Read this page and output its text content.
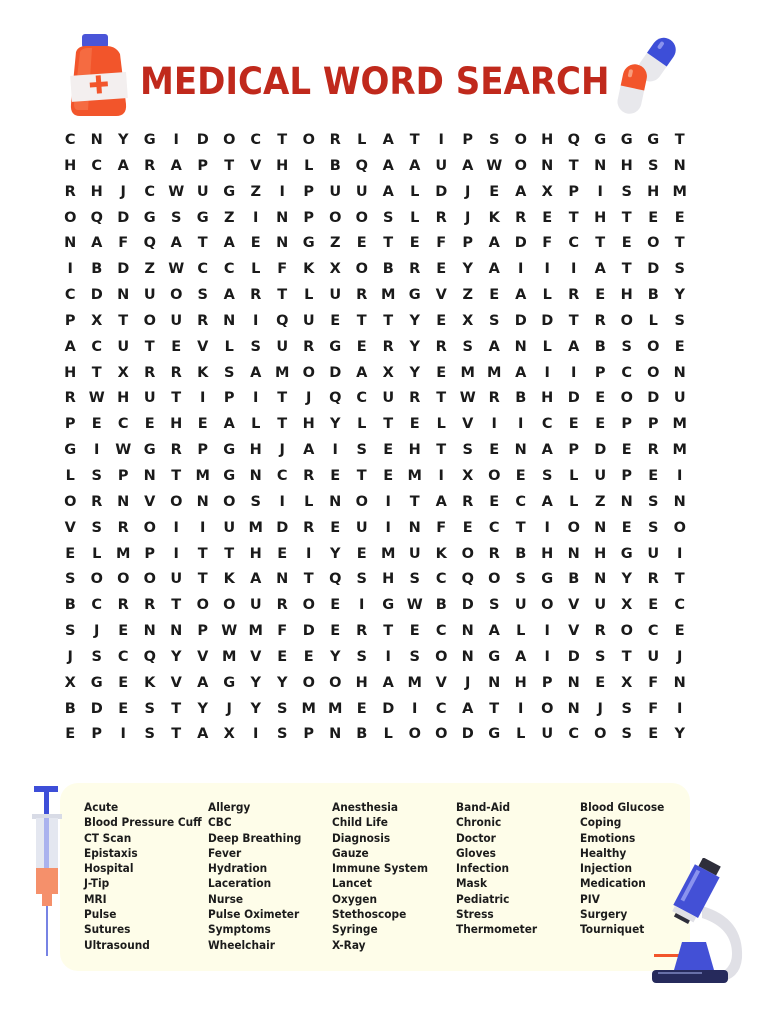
MEDICAL WORD SEARCH
C	N	Y	G	I	D O	C	T	O	R	L	A	T	I	P	S	O H Q G	G	G	T
H	C	A	R	A	P	T	V	H	L	B	Q	A	A	U	A W O N	T	N H	S	N
R	H	J	C W U	G	Z	I	P	U	U	A	L	D	J	E	A	X	P	I	S	H M
O Q D	G	S	G	Z	I	N	P	O O	S	L	R	J	K	R	E	T	H	T	E	E
N	A	F	Q	A	T	A	E	N G	Z	E	T	E	F	P	A	D	F	C	T	E	O	T
I	B	D	Z W C	C	L	F	K	X	O	B	R	E	Y	A	I	I	I	A	T	D	S
C	D N	U O	S	A	R	T	L	U	R M G	V	Z	E	A	L	R	E	H	B	Y
P	X	T	O U	R	N	I	Q U	E	T	T	Y	E	X	S	D D	T	R	O	L	S
A	C	U	T	E	V	L	S	U	R	G	E	R	Y	R	S	A	N	L	A	B	S	O	E
H	T	X	R	R	K	S	A M O D	A	X	Y	E M M A	I	I	P	C	O N
R W H	U	T	I	P	I	T	J	Q	C	U	R	T W R	B	H D	E	O D	U
P	E	C	E	H	E	A	L	T	H	Y	L	T	E	L	V	I	I	C	E	E	P	P M
G	I	W G	R	P	G H	J	A	I	S	E	H	T	S	E	N	A	P	D	E	R M
L	S	P	N	T M G N	C	R	E	T	E M	I	X	O	E	S	L	U	P	E	I
O	R	N	V	O N O	S	I	L	N O	I	T	A	R	E	C	A	L	Z	N	S	N
V	S	R	O	I	I	U M D	R	E	U	I	N	F	E	C	T	I	O N	E	S	O
E	L	M P	I	T	T	H	E	I	Y	E M U	K	O	R	B	H N H G	U	I
S	O O O U	T	K	A	N	T	Q	S	H	S	C	Q O	S	G	B	N	Y	R	T
B	C	R	R	T	O O U	R	O	E	I	G W B	D	S	U O	V	U	X	E	C
S	J	E	N N	P W M F	D	E	R	T	E	C	N	A	L	I	V	R	O	C	E
J	S	C	Q	Y	V M V	E	E	Y	S	I	S	O N G	A	I	D	S	T	U	J
X	G	E	K	V	A	G	Y	Y	O O H	A M V	J	N H	P	N	E	X	F	N
B	D	E	S	T	Y	J	Y	S M M E	D	I	C	A	T	I	O N	J	S	F	I
E	P	I	S	T	A	X	I	S	P	N	B	L	O O D	G	L	U	C	O	S	E	Y
Acute
Blood Pressure Cuff
CT Scan
Epistaxis
Hospital
J-Tip
MRI
Pulse
Sutures
Ultrasound
Allergy
CBC
Deep Breathing
Fever
Hydration
Laceration
Nurse
Pulse Oximeter
Symptoms
Wheelchair
Anesthesia
Child Life
Diagnosis
Gauze
Immune System
Lancet
Oxygen
Stethoscope
Syringe
X-Ray
Band-Aid
Chronic
Doctor
Gloves
Infection
Mask
Pediatric
Stress
Thermometer
Blood Glucose
Coping
Emotions
Healthy
Injection
Medication
PIV
Surgery
Tourniquet
